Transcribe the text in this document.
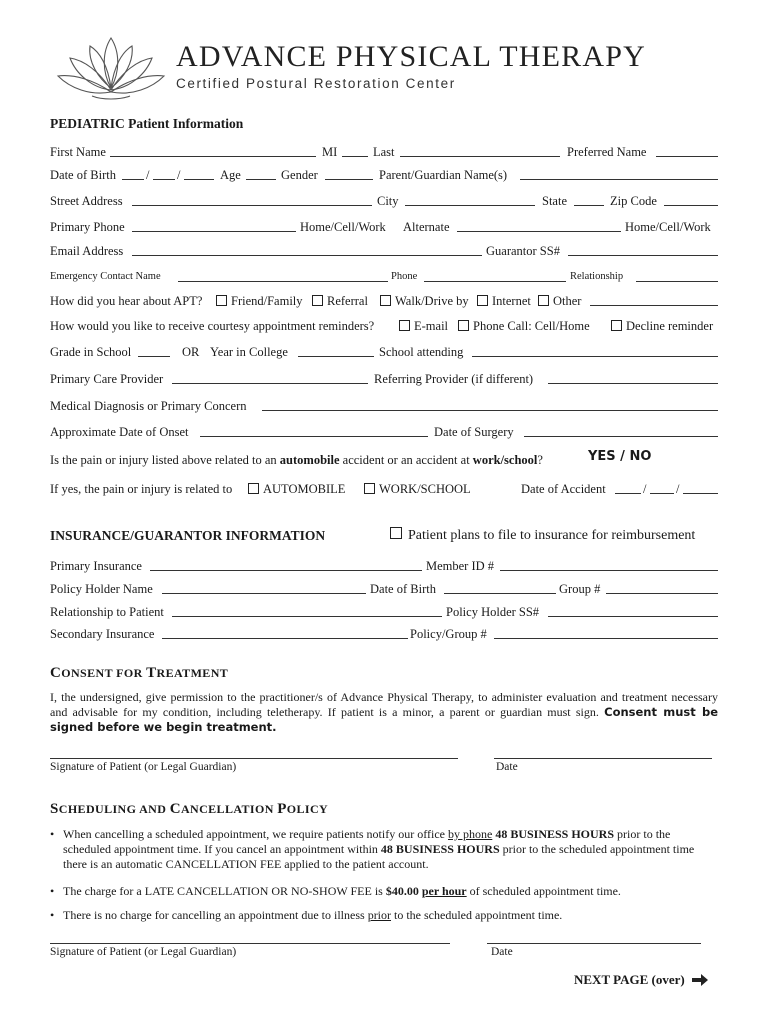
ADVANCE PHYSICAL THERAPY
Certified Postural Restoration Center
PEDIATRIC Patient Information
First Name	MI	Last	Preferred Name
Date of Birth / /	Age	Gender	Parent/Guardian Name(s)
Street Address	City	State	Zip Code
Primary Phone	Home/Cell/Work Alternate	Home/Cell/Work
Email Address	Guarantor SS#
Emergency Contact Name	Phone	Relationship
How did you hear about APT?	Friend/Family	Referral	Walk/Drive by	Internet	Other
How would you like to receive courtesy appointment reminders?	E-mail	Phone Call: Cell/Home	Decline reminder
Grade in School	OR Year in College	School attending
Primary Care Provider	Referring Provider (if different)
Medical Diagnosis or Primary Concern
Approximate Date of Onset	Date of Surgery
Is the pain or injury listed above related to an automobile accident or an accident at work/school?	YES / NO
If yes, the pain or injury is related to	AUTOMOBILE	WORK/SCHOOL	Date of Accident	/ /
INSURANCE/GUARANTOR INFORMATION	Patient plans to file to insurance for reimbursement
Primary Insurance	Member ID #
Policy Holder Name	Date of Birth	Group #
Relationship to Patient	Policy Holder SS#
Secondary Insurance	Policy/Group #
CONSENT FOR TREATMENT
I, the undersigned, give permission to the practitioner/s of Advance Physical Therapy, to administer evaluation and treatment necessary and advisable for my condition, including teletherapy. If patient is a minor, a parent or guardian must sign. Consent must be signed before we begin treatment.
Signature of Patient (or Legal Guardian)	Date
SCHEDULING AND CANCELLATION POLICY
• When cancelling a scheduled appointment, we require patients notify our office by phone 48 BUSINESS HOURS prior to the scheduled appointment time. If you cancel an appointment within 48 BUSINESS HOURS prior to the scheduled appointment time there is an automatic CANCELLATION FEE applied to the patient account.
• The charge for a LATE CANCELLATION OR NO-SHOW FEE is $40.00 per hour of scheduled appointment time.
• There is no charge for cancelling an appointment due to illness prior to the scheduled appointment time.
Signature of Patient (or Legal Guardian)	Date
NEXT PAGE (over)
